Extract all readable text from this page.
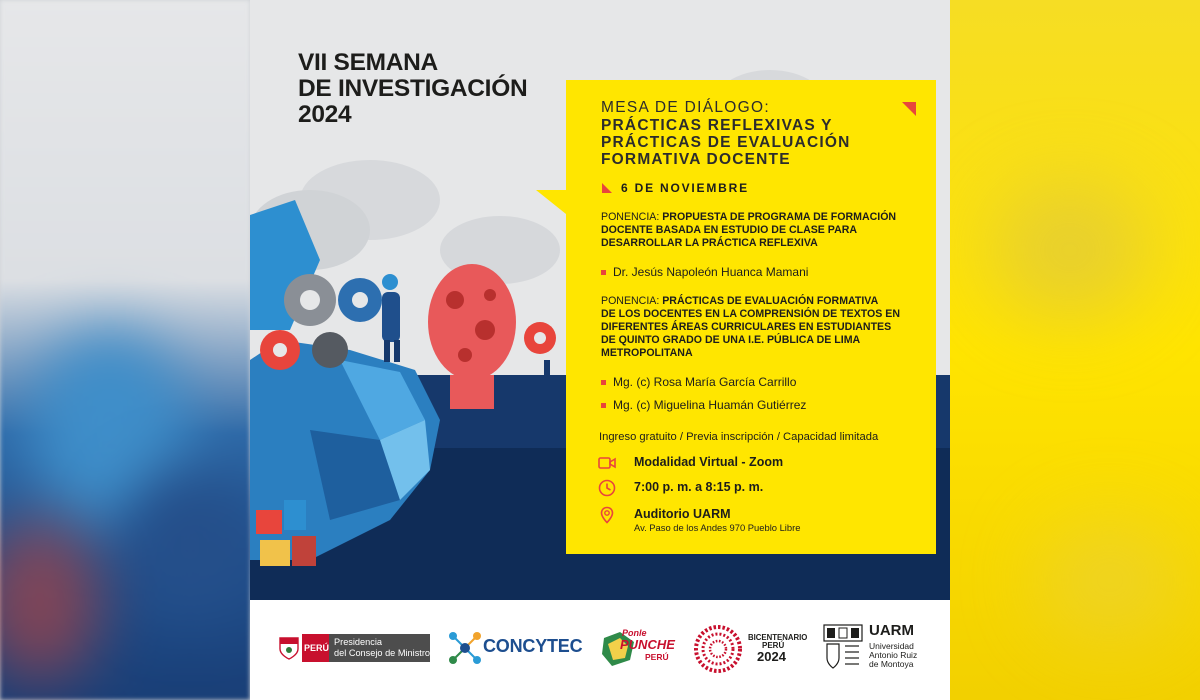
VII SEMANA
DE INVESTIGACIÓN
2024	MESA DE DIÁLOGO:
PRÁCTICAS REFLEXIVAS Y
PRÁCTICAS DE EVALUACIÓN
FORMATIVA DOCENTE
6 DE NOVIEMBRE
PONENCIA: PROPUESTA DE PROGRAMA DE FORMACIÓN
DOCENTE BASADA EN ESTUDIO DE CLASE PARA
DESARROLLAR LA PRÁCTICA REFLEXIVA
Dr. Jesús Napoleón Huanca Mamani
PONENCIA: PRÁCTICAS DE EVALUACIÓN FORMATIVA
DE LOS DOCENTES EN LA COMPRENSIÓN DE TEXTOS EN
DIFERENTES ÁREAS CURRICULARES EN ESTUDIANTES
DE QUINTO GRADO DE UNA I.E. PÚBLICA DE LIMA
METROPOLITANA
Mg. (c) Rosa María García Carrillo
Mg. (c) Miguelina Huamán Gutiérrez
Ingreso gratuito / Previa inscripción / Capacidad limitada
Modalidad Virtual - Zoom
7:00 p. m. a 8:15 p. m.
Auditorio UARM
Av. Paso de los Andes 970 Pueblo Libre
PERÚ
Presidencia
del Consejo de Ministros	CONCYTEC
Ponle
PUNCHE
PERÚ
BICENTENARIO
PERÚ
2024
UARM
Universidad
Antonio Ruiz
de Montoya
